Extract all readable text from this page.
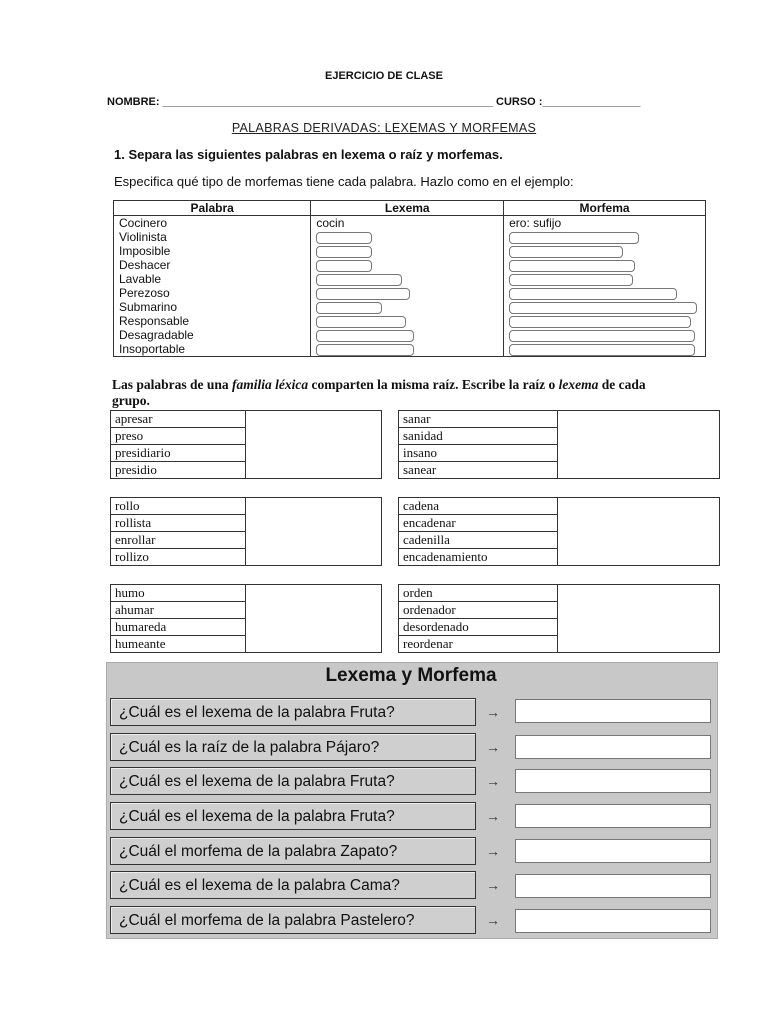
EJERCICIO DE CLASE
NOMBRE: ______________________________________________________ CURSO :________________
PALABRAS DERIVADAS: LEXEMAS Y MORFEMAS
1. Separa las siguientes palabras en lexema o raíz y morfemas.
Especifica qué tipo de morfemas tiene cada palabra. Hazlo como en el ejemplo:
Palabra	Lexema	Morfema
Cocinero	cocin	ero: sufijo
Violinista		
Imposible		
Deshacer		
Lavable		
Perezoso		
Submarino		
Responsable		
Desagradable		
Insoportable		
Las palabras de una familia léxica comparten la misma raíz. Escribe la raíz o lexema de cada grupo.
apresar	
preso
presidiario
presidio
sanar	
sanidad
insano
sanear
rollo	
rollista
enrollar
rollizo
cadena	
encadenar
cadenilla
encadenamiento
humo	
ahumar
humareda
humeante
orden	
ordenador
desordenado
reordenar
Lexema y Morfema
¿Cuál es el lexema de la palabra Fruta?	→
¿Cuál es la raíz de la palabra Pájaro?	→
¿Cuál es el lexema de la palabra Fruta?	→
¿Cuál es el lexema de la palabra Fruta?	→
¿Cuál el morfema de la palabra Zapato?	→
¿Cuál es el lexema de la palabra Cama?	→
¿Cuál el morfema de la palabra Pastelero?	→
